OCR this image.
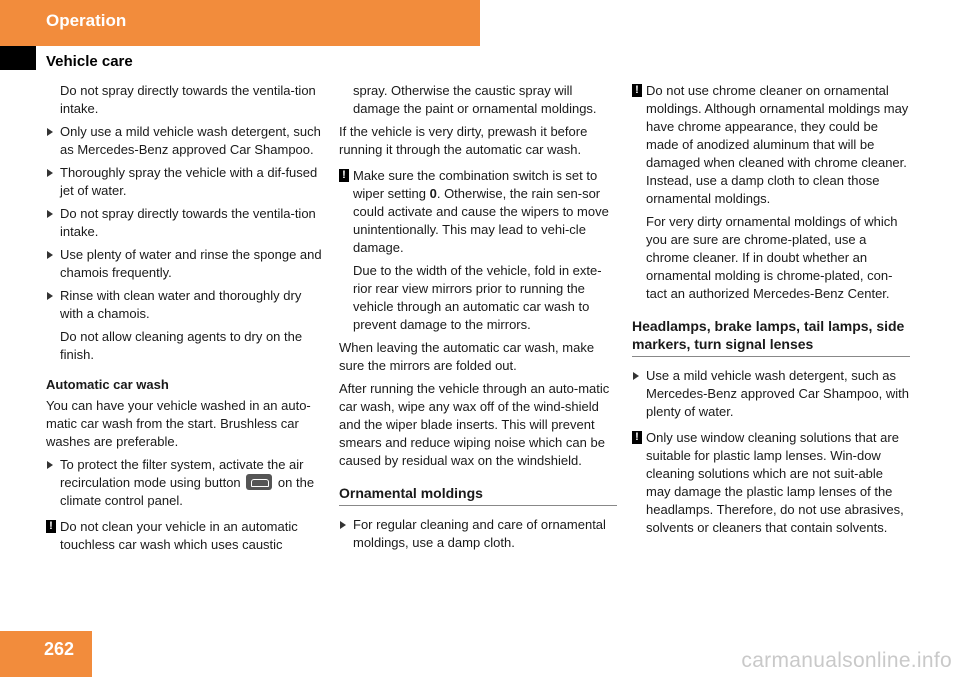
Operation
Vehicle care
Do not spray directly towards the ventila-tion intake.
Only use a mild vehicle wash detergent, such as Mercedes-Benz approved Car Shampoo.
Thoroughly spray the vehicle with a dif-fused jet of water.
Do not spray directly towards the ventila-tion intake.
Use plenty of water and rinse the sponge and chamois frequently.
Rinse with clean water and thoroughly dry with a chamois.
Do not allow cleaning agents to dry on the finish.
Automatic car wash
You can have your vehicle washed in an auto-matic car wash from the start. Brushless car washes are preferable.
To protect the filter system, activate the air recirculation mode using button	on the climate control panel.
! Do not clean your vehicle in an automatic touchless car wash which uses caustic
spray. Otherwise the caustic spray will damage the paint or ornamental moldings.
If the vehicle is very dirty, prewash it before running it through the automatic car wash.
! Make sure the combination switch is set to wiper setting 0. Otherwise, the rain sen-sor could activate and cause the wipers to move unintentionally. This may lead to vehi-cle damage.
Due to the width of the vehicle, fold in exte-rior rear view mirrors prior to running the vehicle through an automatic car wash to prevent damage to the mirrors.
When leaving the automatic car wash, make sure the mirrors are folded out.
After running the vehicle through an auto-matic car wash, wipe any wax off of the wind-shield and the wiper blade inserts. This will prevent smears and reduce wiping noise which can be caused by residual wax on the windshield.
Ornamental moldings
For regular cleaning and care of ornamental moldings, use a damp cloth.
! Do not use chrome cleaner on ornamental moldings. Although ornamental moldings may have chrome appearance, they could be made of anodized aluminum that will be damaged when cleaned with chrome cleaner. Instead, use a damp cloth to clean those ornamental moldings.
For very dirty ornamental moldings of which you are sure are chrome-plated, use a chrome cleaner. If in doubt whether an ornamental molding is chrome-plated, con-tact an authorized Mercedes-Benz Center.
Headlamps, brake lamps, tail lamps, side markers, turn signal lenses
Use a mild vehicle wash detergent, such as Mercedes-Benz approved Car Shampoo, with plenty of water.
! Only use window cleaning solutions that are suitable for plastic lamp lenses. Win-dow cleaning solutions which are not suit-able may damage the plastic lamp lenses of the headlamps. Therefore, do not use abrasives, solvents or cleaners that contain solvents.
262	carmanualsonline.info
